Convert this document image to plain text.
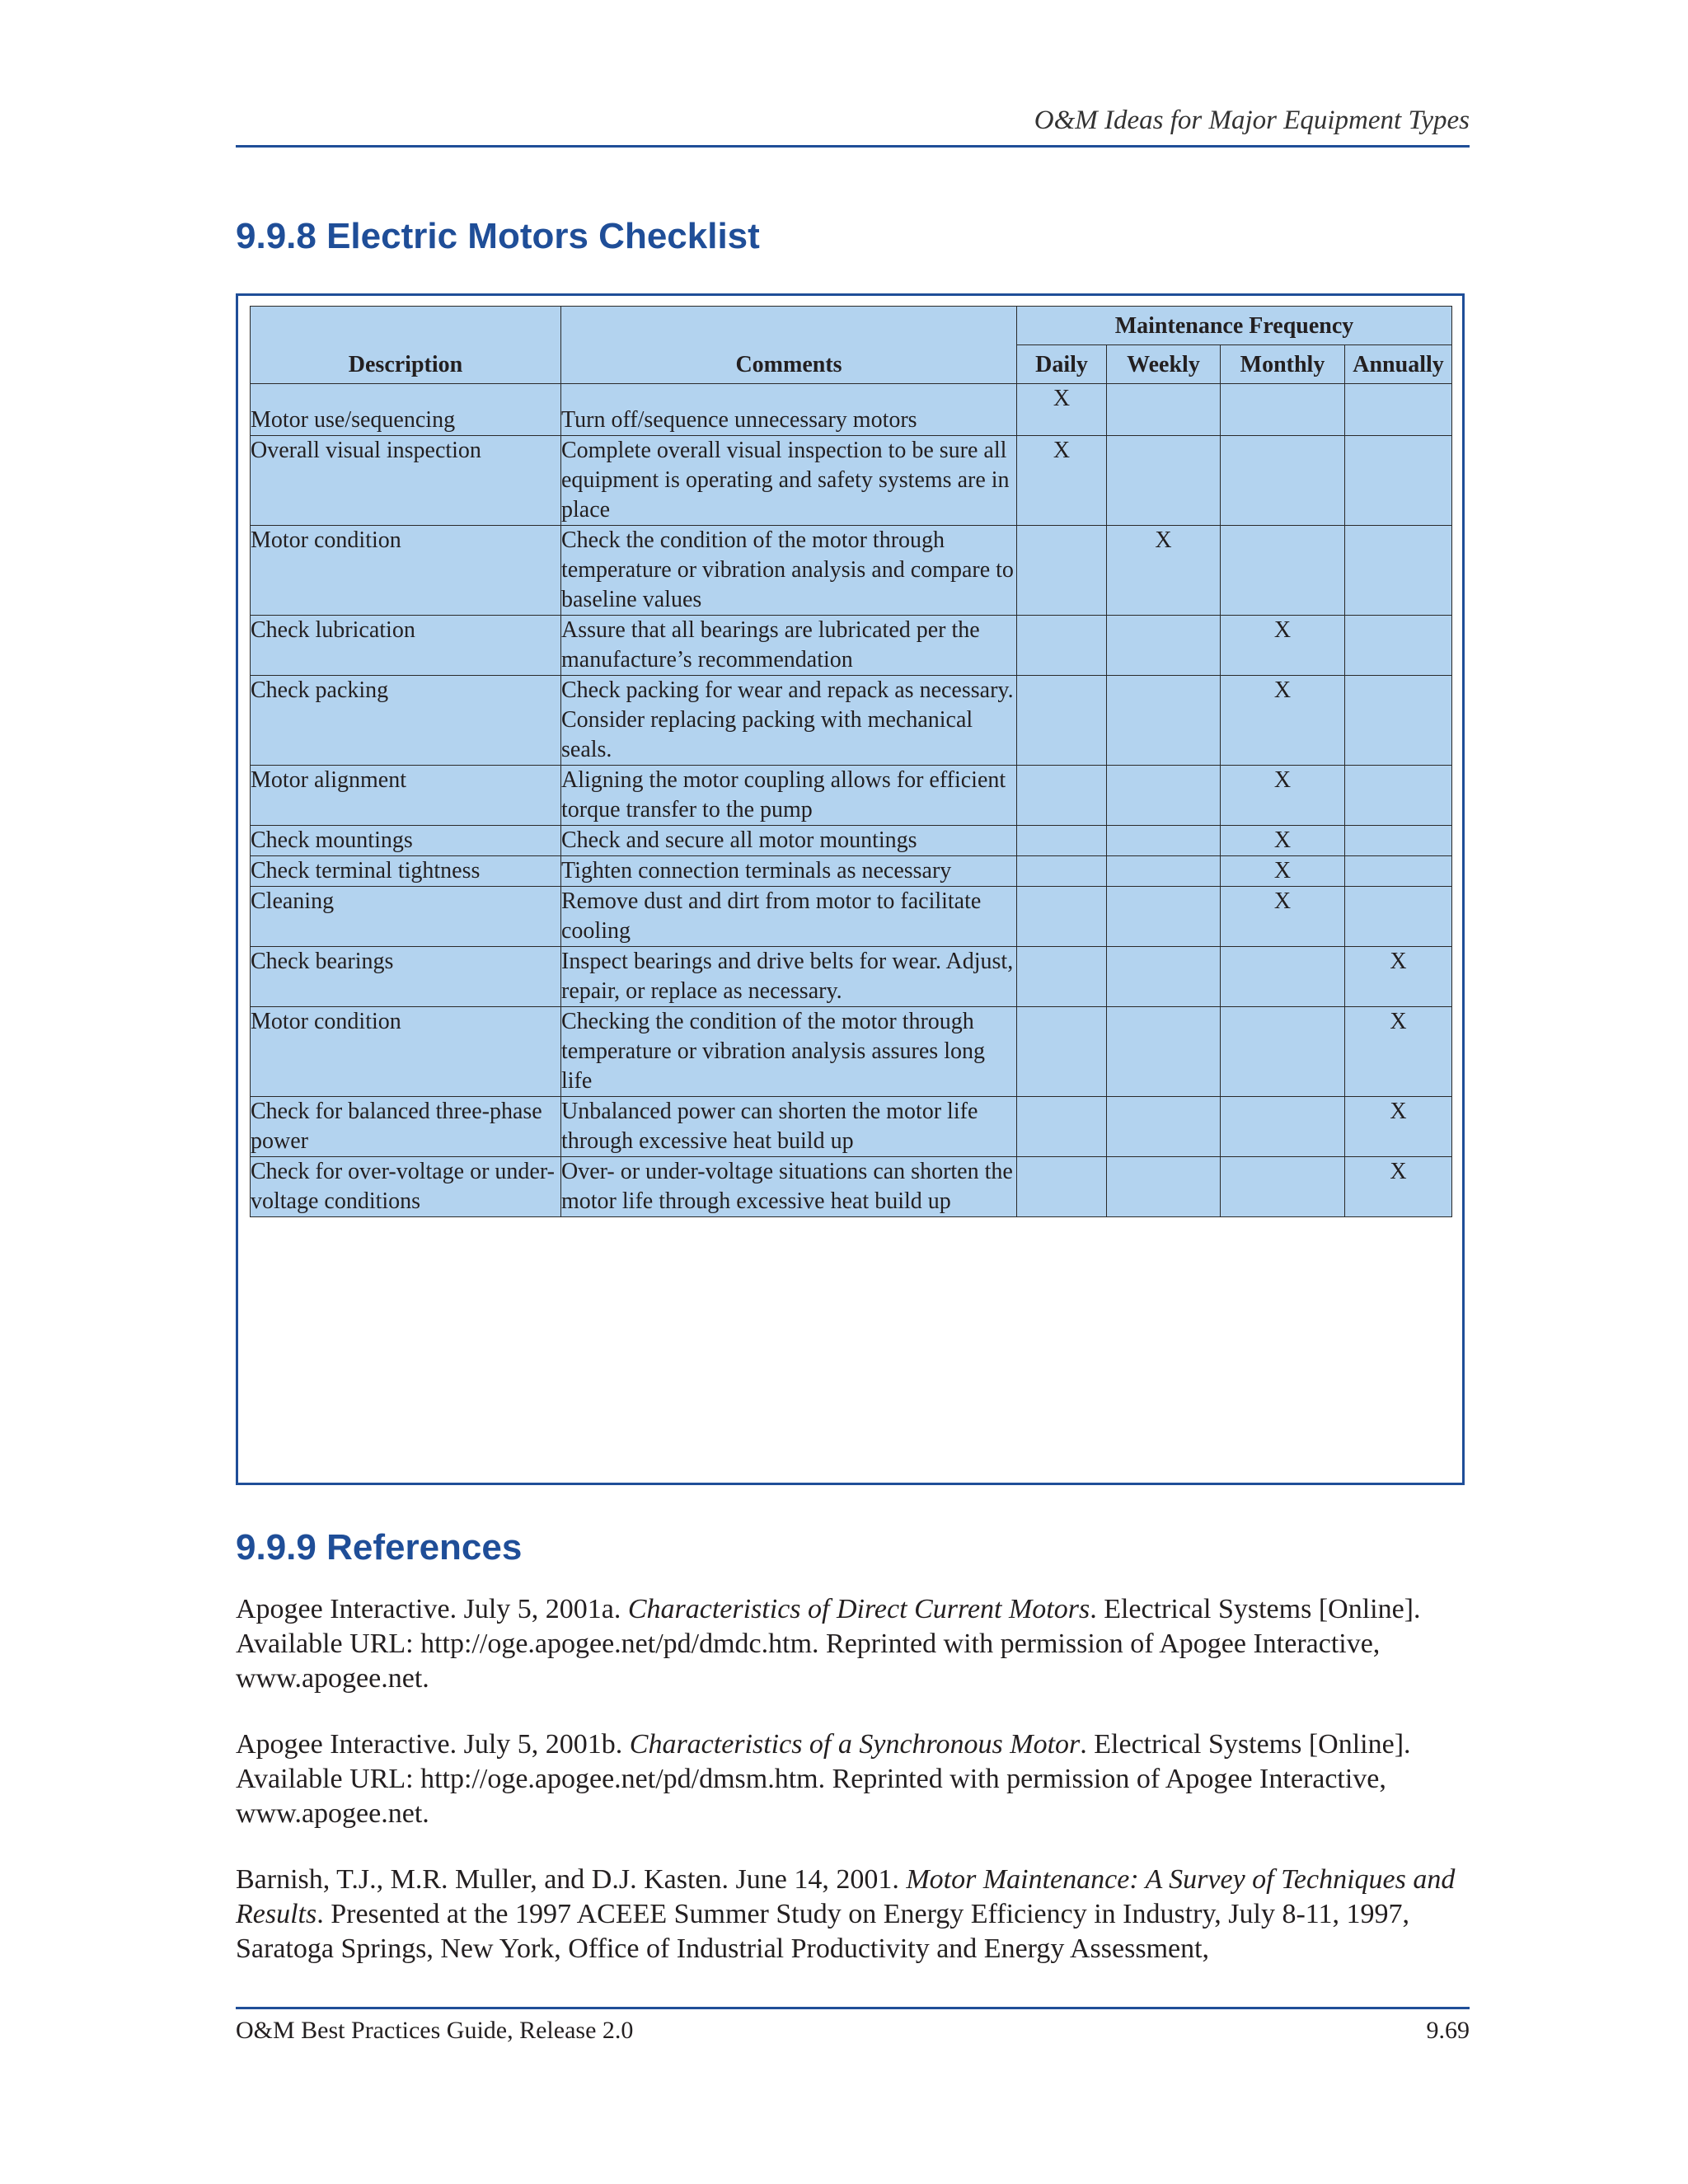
O&M Ideas for Major Equipment Types
9.9.8 Electric Motors Checklist
Description	Comments	Maintenance Frequency			
		Daily	Weekly	Monthly	Annually
Motor use/sequencing	Turn off/sequence unnecessary motors	X			
Overall visual inspection	Complete overall visual inspection to be sure all equipment is operating and safety systems are in place	X			
Motor condition	Check the condition of the motor through temperature or vibration analysis and compare to baseline values		X		
Check lubrication	Assure that all bearings are lubricated per the manufacture’s recommendation			X	
Check packing	Check packing for wear and repack as necessary. Consider replacing packing with mechanical seals.			X	
Motor alignment	Aligning the motor coupling allows for efficient torque transfer to the pump			X	
Check mountings	Check and secure all motor mountings			X	
Check terminal tightness	Tighten connection terminals as necessary			X	
Cleaning	Remove dust and dirt from motor to facilitate cooling			X	
Check bearings	Inspect bearings and drive belts for wear. Adjust, repair, or replace as necessary.				X
Motor condition	Checking the condition of the motor through temperature or vibration analysis assures long life				X
Check for balanced three-phase power	Unbalanced power can shorten the motor life through excessive heat build up				X
Check for over-voltage or under-voltage conditions	Over- or under-voltage situations can shorten the motor life through excessive heat build up				X
9.9.9 References

Apogee Interactive. July 5, 2001a. Characteristics of Direct Current Motors. Electrical Systems [Online]. Available URL: http://oge.apogee.net/pd/dmdc.htm. Reprinted with permission of Apogee Interactive, www.apogee.net.

Apogee Interactive. July 5, 2001b. Characteristics of a Synchronous Motor. Electrical Systems [Online]. Available URL: http://oge.apogee.net/pd/dmsm.htm. Reprinted with permission of Apogee Interactive, www.apogee.net.

Barnish, T.J., M.R. Muller, and D.J. Kasten. June 14, 2001. Motor Maintenance: A Survey of Techniques and Results. Presented at the 1997 ACEEE Summer Study on Energy Efficiency in Industry, July 8-11, 1997, Saratoga Springs, New York, Office of Industrial Productivity and Energy Assessment,

O&M Best Practices Guide, Release 2.0	9.69
